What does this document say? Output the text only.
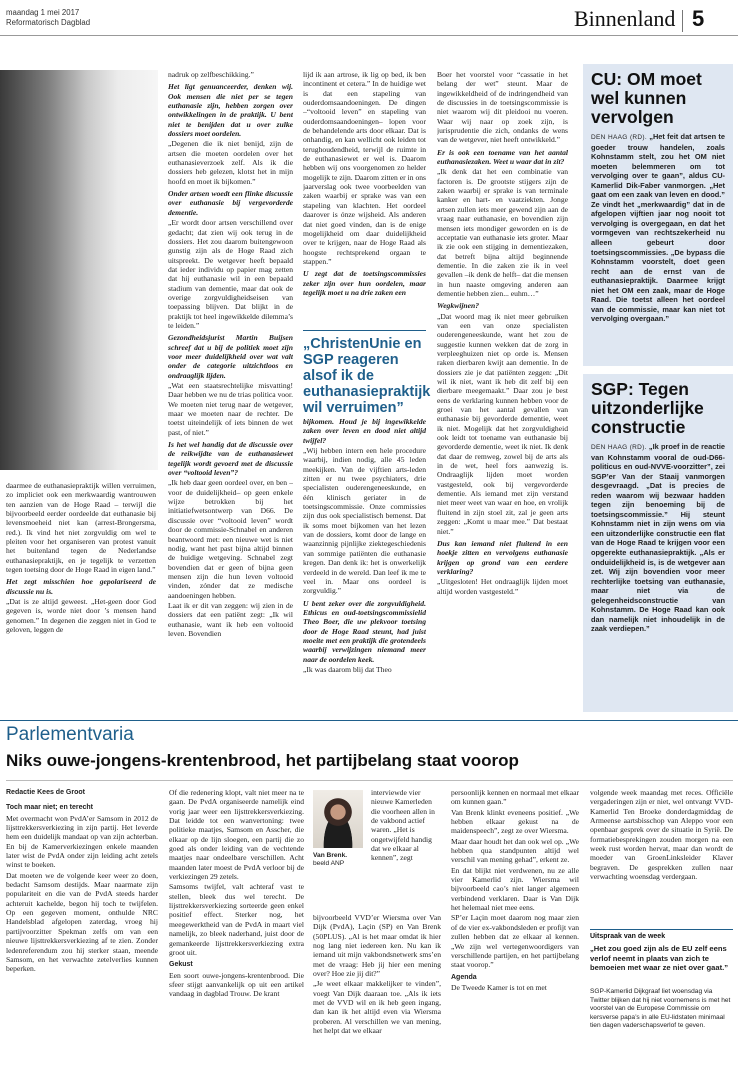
maandag 1 mei 2017
Reformatorisch Dagblad	Binnenland 5

daarmee de euthanasiepraktijk willen verruimen, zo impliciet ook een merkwaardig wantrouwen ten aanzien van de Hoge Raad – terwijl die bijvoorbeeld eerder oordeelde dat euthanasie bij levensmoeheid niet kan (arrest-Brongersma, red.). Ik vind het niet zorgvuldig om wel te pleiten voor het organiseren van protest vanuit het buitenland tegen de Nederlandse euthanasiepraktijk, en je tegelijk te verzetten tegen toetsing door de Hoge Raad in eigen land.”

Het zegt misschien hoe gepolariseerd de discussie nu is.

„Dat is ze altijd geweest. „Het-geen door God gegeven is, worde niet door ’s mensen hand genomen.” In degenen die zeggen niet in God te geloven, leggen de

nadruk op zelfbeschikking.”

Het ligt genuanceerder, denken wij. Ook mensen die niet per se tegen euthanasie zijn, hebben zorgen over ontwikkelingen in de praktijk. U bent niet te benijden dat u over zulke dossiers moet oordelen.

„Degenen die ik niet benijd, zijn de artsen die moeten oordelen over het euthanasieverzoek zelf. Als ik die dossiers heb gelezen, klotst het in mijn hoofd en moet ik bijkomen.”

Onder artsen woedt een flinke discussie over euthanasie bij vergevorderde dementie.

„Er wordt door artsen verschillend over gedacht; dat zien wij ook terug in de dossiers. Het zou daarom buitengewoon gunstig zijn als de Hoge Raad zich uitspreekt. De wetgever heeft bepaald dat ieder individu op papier mag zetten dat hij euthanasie wil in een bepaald stadium van dementie, maar dat ook de overige zorgvuldigheidseisen van toepassing blijven. Dat blijkt in de praktijk tot heel ingewikkelde dilemma’s te leiden.”

Gezondheidsjurist Martin Buijsen schreef dat u bij de politiek moet zijn voor meer duidelijkheid over wat valt onder de categorie uitzichtloos en ondraaglijk lijden.

„Wat een staatsrechtelijke misvatting! Daar hebben we nu de trias politica voor. We moeten niet terug naar de wetgever, maar we moeten naar de rechter. De toetst uiteindelijk of iets binnen de wet past, of niet.”

Is het wel handig dat de discussie over de reikwijdte van de euthanasiewet tegelijk wordt gevoerd met de discussie over “voltooid leven”?

„Ik heb daar geen oordeel over, en ben –voor de duidelijkheid– op geen enkele wijze betrokken bij het initiatiefwetsontwerp van D66. De discussie over “voltooid leven” wordt door de commissie-Schnabel en anderen beantwoord met: een nieuwe wet is niet nodig, want het past bijna altijd binnen de huidige wetgeving. Schnabel zegt bovendien dat er geen of bijna geen mensen zijn die hun leven voltooid vinden, zónder dat ze medische aandoeningen hebben.

Laat ik er dit van zeggen: wij zien in de dossiers dat een patiënt zegt: „Ik wil euthanasie, want ik heb een voltooid leven. Bovendien

lijd ik aan artrose, ik lig op bed, ik ben incontinent et cetera.” In de huidige wet is dat een stapeling van ouderdomsaandoeningen. De dingen –“voltooid leven” en stapeling van ouderdomsaandoeningen– lopen voor de behandelende arts door elkaar. Dat is onhandig, en kan wellicht ook leiden tot terughoudendheid, terwijl de ruimte in de euthanasiewet er wel is. Daarom hebben wij ons voorgenomen zo helder mogelijk te zijn. Daarom zitten er in ons jaarverslag ook twee voorbeelden van zaken waarbij er sprake was van een stapeling van klachten. Het oordeel daarover is ónze wijsheid. Als anderen dat niet goed vinden, dan is de enige mogelijkheid om daar duidelijkheid over te krijgen, naar de Hoge Raad als hoogste rechtsprekend orgaan te stappen.”

U zegt dat de toetsingscommissies zeker zijn over hun oordelen, maar tegelijk moet u na drie zaken een

„ChristenUnie en SGP reageren alsof ik de euthanasiepraktijk wil verruimen”

bijkomen. Houd je bij ingewikkelde zaken over leven en dood niet altijd twijfel?

„Wij hebben intern een hele procedure waarbij, indien nodig, alle 45 leden meekijken. Van de vijftien arts-leden zitten er nu twee psychiaters, drie specialisten ouderengeneeskunde, en één klinisch geriater in de toetsingscommissie. Onze commissies zijn dus ook specialistisch bemenst. Dat ik soms moet bijkomen van het lezen van de dossiers, komt door de lange en waanzinnig pijnlijke ziektegeschiedenis van sommige patiënten die euthanasie kregen. Dan denk ik: het is onwerkelijk verdeeld in de wereld. Dan leef ik me te veel in. Maar ons oordeel is zorgvuldig.”

U bent zeker over die zorgvuldigheid. Ethicus en oud-toetsingscommissielid Theo Boer, die uw plekvoor toetsing door de Hoge Raad steunt, had juist moeite met een praktijk die grotendeels waarbij verwijzingen niemand meer naar de oordelen keek.

„Ik was daarom blij dat Theo

Boer het voorstel voor “cassatie in het belang der wet” steunt. Maar de ingewikkeldheid of de indringendheid van de discussies in de toetsingscommissie is niet waarom wij dit pleidooi nu voeren. Waar wij naar op zoek zijn, is jurisprudentie die zich, ondanks de wens van de wetgever, niet heeft ontwikkeld.”

Er is ook een toename van het aantal euthanasiezaken. Weet u waar dat in zit?

„Ik denk dat het een combinatie van factoren is. De grootste stijgers zijn de zaken waarbij er sprake is van terminale kanker en hart- en vaatziekten. Jonge artsen zullen iets meer gewend zijn aan de vraag naar euthanasie, en bovendien zijn mensen iets mondiger geworden en is de acceptatie van euthanasie iets groter. Maar ik zie ook een stijging in dementiezaken, dat betreft bijna altijd beginnende dementie. In die zaken zie ik in veel gevallen –ik denk de helft– dat die mensen in hun naaste omgeving anderen aan dementie hebben zien... euhm…”

Wegkwijnen?

„Dat woord mag ik niet meer gebruiken van een van onze specialisten ouderengeneeskunde, want het zou de suggestie kunnen wekken dat de zorg in verpleeghuizen niet op orde is. Mensen raken dierbaren kwijt aan dementie. In de dossiers zie je dat patiënten zeggen: „Dit wil ik niet, want ik heb dit zelf bij een dierbare meegemaakt.” Daar zou je best eens de verklaring kunnen hebben voor de groei van het aantal gevallen van euthanasie bij gevorderde dementie, weet ik niet. Mogelijk dat het zorgvuldigheid ook leidt tot toename van euthanasie bij gevorderde dementie, weet ik niet. Ik denk dat daar de remweg, zowel bij de arts als in de wet, heel fors aanwezig is. Ondraaglijk lijden moet worden vastgesteld, ook bij vergevorderde dementie. Als iemand met zijn verstand niet meer weet van waar en hoe, en vrolijk fluitend in zijn stoel zit, zal je geen arts zeggen: „Komt u maar mee.” Dat bestaat niet.”

Dus kan iemand niet fluitend in een hoekje zitten en vervolgens euthanasie krijgen op grond van een eerdere verklaring?

„Uitgesloten! Het ondraaglijk lijden moet altijd worden vastgesteld.”

CU: OM moet wel kunnen vervolgen
DEN HAAG (RD). „Het feit dat artsen te goeder trouw handelen, zoals Kohnstamm stelt, zou het OM niet moeten belemmeren om tot vervolging over te gaan”, aldus CU-Kamerlid Dik-Faber vanmorgen. „Het gaat om een zaak van leven en dood.” Ze vindt het „merkwaardig” dat in de afgelopen vijftien jaar nog nooit tot vervolging is overgegaan, en dat het vormgeven van rechtszekerheid nu alleen gebeurt door toetsingscommissies. „De bypass die Kohnstamm voorstelt, doet geen recht aan de ernst van de euthanasiepraktijk. Daarmee krijgt niet het OM een zaak, maar de Hoge Raad. Die toetst alleen het oordeel van de commissie, maar kan niet tot vervolging overgaan.”
SGP: Tegen uitzonderlijke constructie
DEN HAAG (RD). „Ik proef in de reactie van Kohnstamm vooral de oud-D66-politicus en oud-NVVE-voorzitter”, zei SGP’er Van der Staaij vanmorgen desgevraagd. „Dat is precies de reden waarom wij bezwaar hadden tegen zijn benoeming bij de toetsingscommissie.” Hij steunt Kohnstamm niet in zijn wens om via een uitzonderlijke constructie een flat van de Hoge Raad te krijgen voor een opgerekte euthanasiepraktijk. „Als er onduidelijkheid is, is de wetgever aan zet. Wij zijn bovendien voor meer rechterlijke toetsing van euthanasie, maar niet via de gelegenheidsconstructie van Kohnstamm. De Hoge Raad kan ook dan namelijk niet inhoudelijk in de zaak verdiepen.”
Parlementvaria
Niks ouwe-jongens-krentenbrood, het partijbelang staat voorop

Redactie Kees de Groot

Toch maar niet; en terecht

Met overmacht won PvdA’er Samsom in 2012 de lijsttrekkersverkiezing in zijn partij. Het leverde hem een duidelijk mandaat op van zijn achterban. En bij de Kamerverkiezingen enkele maanden later wist de PvdA onder zijn leiding acht zetels winst te boeken.

Dat moeten we de volgende keer weer zo doen, bedacht Samsom destijds. Maar naarmate zijn populariteit en die van de PvdA steeds harder achteruit kachelde, begon hij toch te twijfelen. Op een gegeven moment, onthulde NRC Handelsblad afgelopen zaterdag, vroeg hij partijvoorzitter Spekman zelfs om van een nieuwe lijsttrekkersverkiezing af te zien. Zonder ledenreferendum zou hij sterker staan, meende Samsom, en het verwachte zetelverlies kunnen beperken.

Of die redenering klopt, valt niet meer na te gaan. De PvdA organiseerde namelijk eind vorig jaar weer een lijsttrekkersverkiezing. Dat leidde tot een wanvertoning: twee politieke maatjes, Samsom en Asscher, die elkaar op de lijn sloegen, een partij die zo goed als onder leiding van de vechtende maatjes naar ondeelbare verschillen. Acht maanden later moest de PvdA verloor bij de verkiezingen 29 zetels.

Samsoms twijfel, valt achteraf vast te stellen, bleek dus wel terecht. De lijsttrekkersverkiezing sorteerde geen enkel positief effect. Sterker nog, het meegewerktheid van de PvdA in maart viel namelijk, zo bleek naderhand, juist door de gemankeerde lijsttrekkersverkiezing extra groot uit.

Gekust

Een soort ouwe-jongens-krentenbrood. Die sfeer stijgt aanvankelijk op uit een artikel vandaag in dagblad Trouw. De krant

Van Brenk.
beeld ANP

interviewde vier nieuwe Kamerleden die voorheen allen in de vakbond actief waren. „Het is ongetwijfeld handig dat we elkaar al kennen”, zegt

bijvoorbeeld VVD’er Wiersma over Van Dijk (PvdA), Laçin (SP) en Van Brenk (50PLUS). „Al is het maar omdat ik hier nog lang niet iedereen ken. Nu kan ik iemand uit mijn vakbondsnetwerk sms’en met de vraag: Heb jij hier een mening over? Hoe zie jij dit?”

„Je weet elkaar makkelijker te vinden”, voegt Van Dijk daaraan toe. „Als ik iets met de VVD wil en ik heb geen ingang, dan kan ik het altijd even via Wiersma proberen. Al verschillen we van mening, het helpt dat we elkaar

persoonlijk kennen en normaal met elkaar om kunnen gaan.”

Van Brenk klinkt eveneens positief. „We hebben elkaar gekust na de maidenspeech”, zegt ze over Wiersma.

Maar daar houdt het dan ook wel op. „We hebben qua standpunten altijd wel verschil van mening gehad”, erkent ze.

En dat blijkt niet verdwenen, nu ze alle vier Kamerlid zijn. Wiersma wil bijvoorbeeld cao’s niet langer algemeen verbindend verklaren. Daar is Van Dijk het helemaal niet mee eens.

SP’er Laçin moet daarom nog maar zien of de vier ex-vakbondsleden er profijt van zullen hebben dat ze elkaar al kennen. „We zijn wel vertegenwoordigers van verschillende partijen, en het partijbelang staat voorop.”

Agenda

De Tweede Kamer is tot en met

volgende week maandag met reces. Officiële vergaderingen zijn er niet, wel ontvangt VVD-Kamerlid Ten Broeke donderdagmiddag de Armeense aartsbisschop van Aleppo voor een openbaar gesprek over de situatie in Syrië. De formatiebesprekingen zouden morgen na een week rust worden hervat, maar dan wordt de moeder van GroenLinksleider Klaver begraven. De gesprekken zullen naar verwachting woensdag verdergaan.

Uitspraak van de week
„Het zou goed zijn als de EU zelf eens verlof neemt in plaats van zich te bemoeien met waar ze niet over gaat.”
SGP-Kamerlid Dijkgraaf liet woensdag via Twitter blijken dat hij niet voornemens is met het voorstel van de Europese Commissie om kersverse papa’s in alle EU-lidstaten minimaal tien dagen vaderschapsverlof te geven.
